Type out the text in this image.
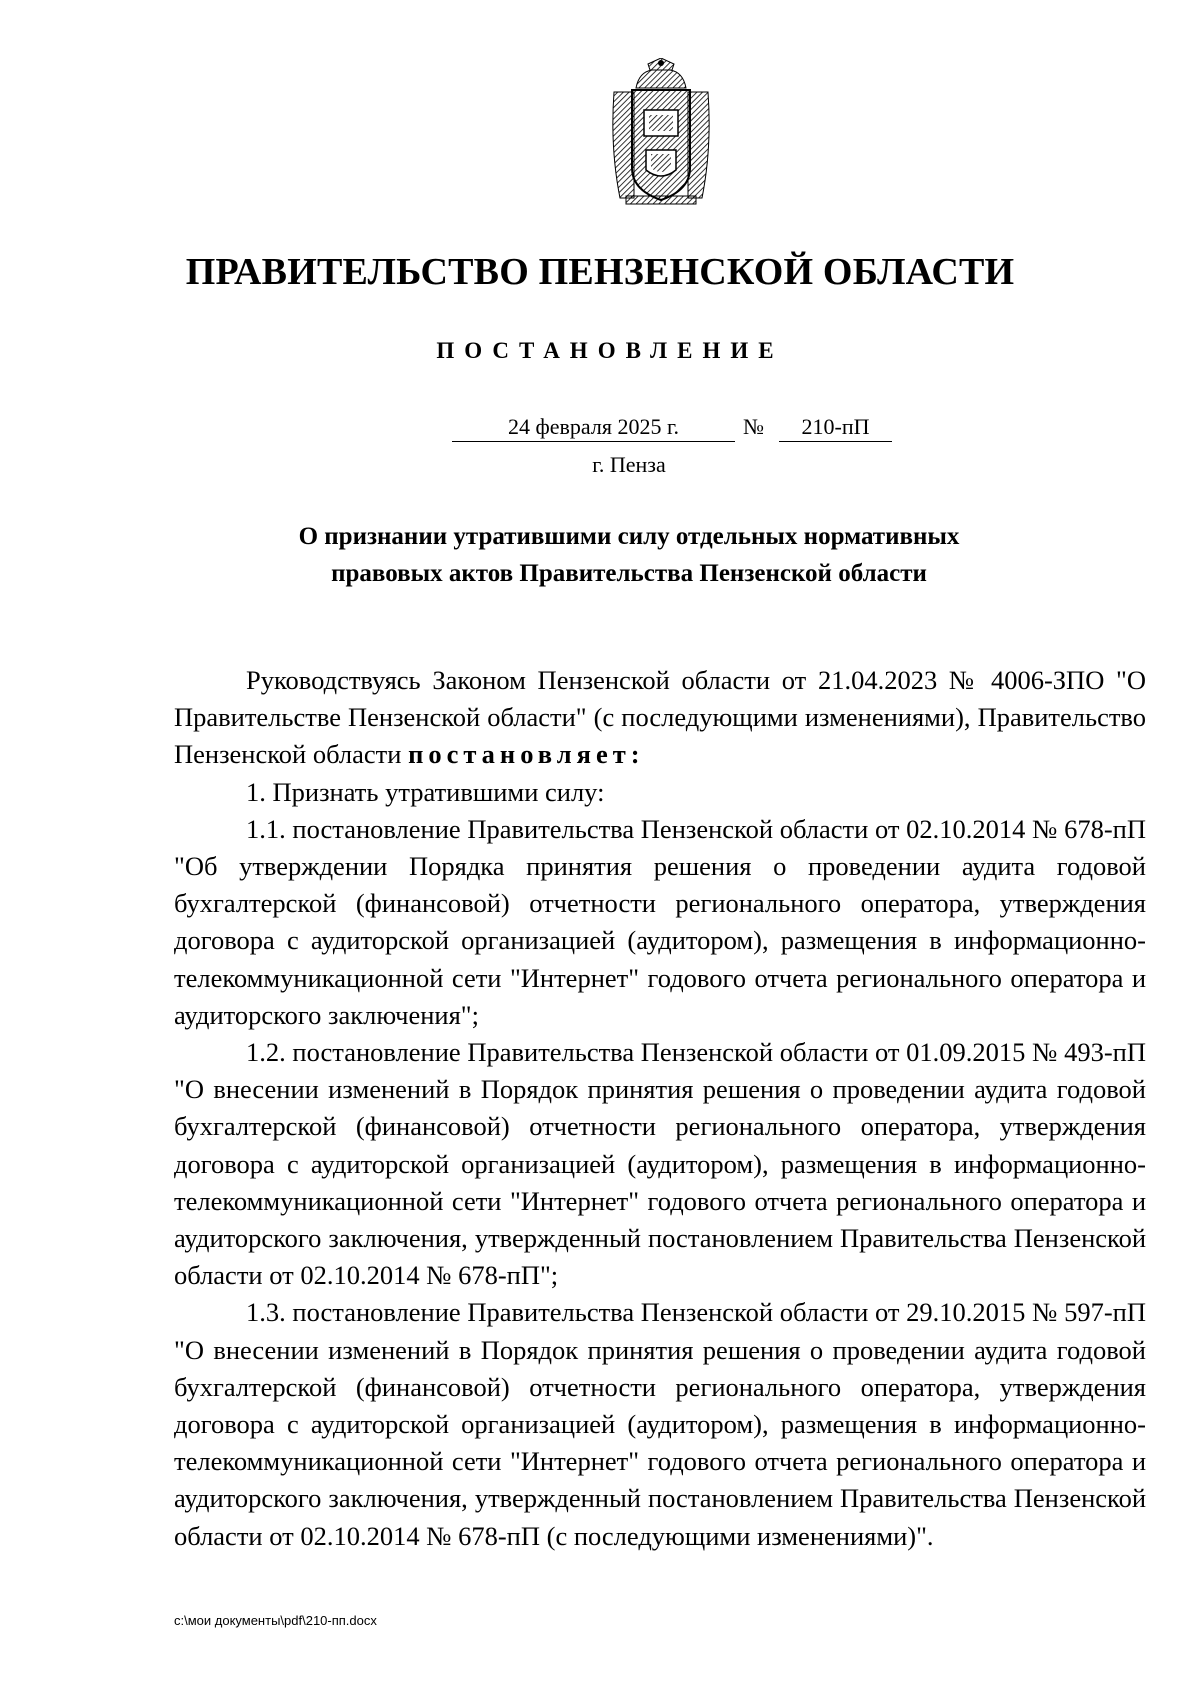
ПРАВИТЕЛЬСТВО ПЕНЗЕНСКОЙ ОБЛАСТИ
ПОСТАНОВЛЕНИЕ
24 февраля 2025 г.	№	210-пП
г. Пенза
О признании утратившими силу отдельных нормативных
правовых актов Правительства Пензенской области

Руководствуясь Законом Пензенской области от 21.04.2023 № 4006-ЗПО "О Правительстве Пензенской области" (с последующими изменениями), Правительство Пензенской области постановляет:

1. Признать утратившими силу:

1.1. постановление Правительства Пензенской области от 02.10.2014 № 678-пП "Об утверждении Порядка принятия решения о проведении аудита годовой бухгалтерской (финансовой) отчетности регионального оператора, утверждения договора с аудиторской организацией (аудитором), размещения в информационно-телекоммуникационной сети "Интернет" годового отчета регионального оператора и аудиторского заключения";

1.2. постановление Правительства Пензенской области от 01.09.2015 № 493-пП "О внесении изменений в Порядок принятия решения о проведении аудита годовой бухгалтерской (финансовой) отчетности регионального оператора, утверждения договора с аудиторской организацией (аудитором), размещения в информационно-телекоммуникационной сети "Интернет" годового отчета регионального оператора и аудиторского заключения, утвержденный постановлением Правительства Пензенской области от 02.10.2014 № 678-пП";

1.3. постановление Правительства Пензенской области от 29.10.2015 № 597-пП "О внесении изменений в Порядок принятия решения о проведении аудита годовой бухгалтерской (финансовой) отчетности регионального оператора, утверждения договора с аудиторской организацией (аудитором), размещения в информационно-телекоммуникационной сети "Интернет" годового отчета регионального оператора и аудиторского заключения, утвержденный постановлением Правительства Пензенской области от 02.10.2014 № 678-пП (с последующими изменениями)".

c:\мои документы\pdf\210-пп.docx
